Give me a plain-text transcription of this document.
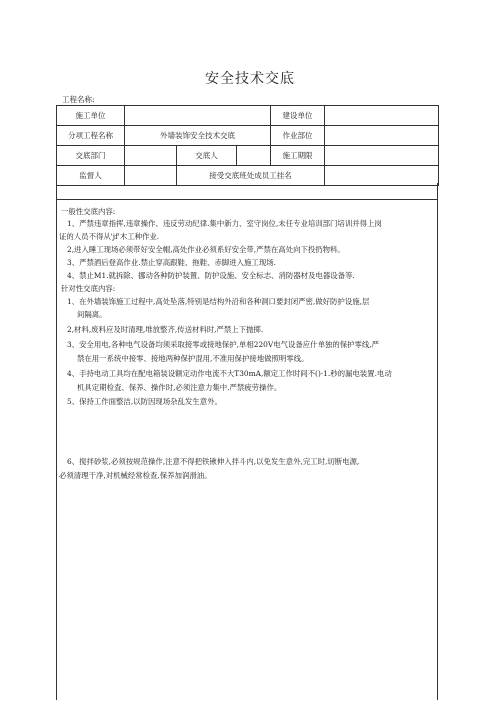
安全技术交底
工程名称:
施工单位				建设单位	
分项工程名称	外墙装饰安全技术交底			作业部位	
交底部门		交底人		施工期限	
监督人		接受交底班处成员工挂名			
一般性交底内容:
1、严禁违章指挥,违章操作、违反劳动纪律.集中新力、室守岗位,未任专业培训部门培训并得上岗
证的人员不得从'jf'木工种作业.
2,进入睡工现场必须带好安全帽,高处作业必须系好安全带,严禁在高处向下投扔物料。
3、严禁酒后登高作业.禁止穿高跟鞋、拖鞋、赤脚进入施工现场.
4、禁止M1.就拆除、挪动各种防护装置、防护设施、安全标志、消防器材及电器设备等.
针对性交底内容:
1、在外墙装饰施工过程中,高处坠落,特别是结构外沿和各种洞口要封闭严密,做好防护设施,层
间隔离。
2,材料,废料应及时清理,堆放整齐,传送材料时,严禁上下抛掷.
3、安全用电,各种电气设备均须采取接零或接地保护,单相220V电气设备应什单独的保护零线,严
禁在用一系统中接零、接地两种保护混用,不准用保护接地做照明零线。
4、手持电动工具均在配电箱装设额定动作电流不大T30mA,额定工作时间不()·1.秒的漏电装置.电动
机具定期检査、保养、操作时,必须注意力集中.严禁疲劳操作。
5、保持工作面整洁,以防因现场杂乱发生意外。
6、搅拌砂浆,必须按规范操作,注意不得把铁锹伸入拌斗内,以免发生意外,完工时,切断电源,
必须清理干净,对机械经常检查,保养加润滑油。
